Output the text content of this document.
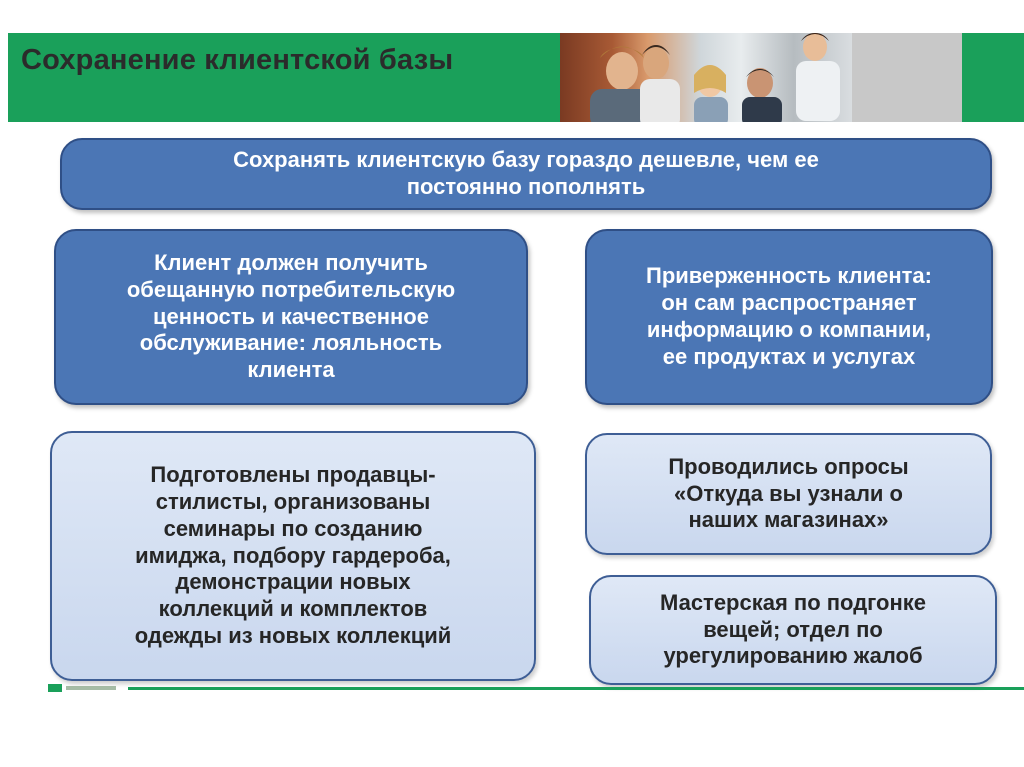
Сохранение клиентской базы
Сохранять клиентскую базу гораздо дешевле, чем ее
постоянно пополнять
Клиент должен получить
обещанную потребительскую
ценность и качественное
обслуживание: лояльность
клиента
Приверженность клиента:
он сам распространяет
информацию о компании,
ее продуктах и услугах
Подготовлены продавцы-
стилисты, организованы
семинары по созданию
имиджа, подбору гардероба,
демонстрации новых
коллекций и комплектов
одежды из новых коллекций
Проводились опросы
«Откуда вы узнали о
наших магазинах»
Мастерская по подгонке
вещей; отдел по
урегулированию жалоб
